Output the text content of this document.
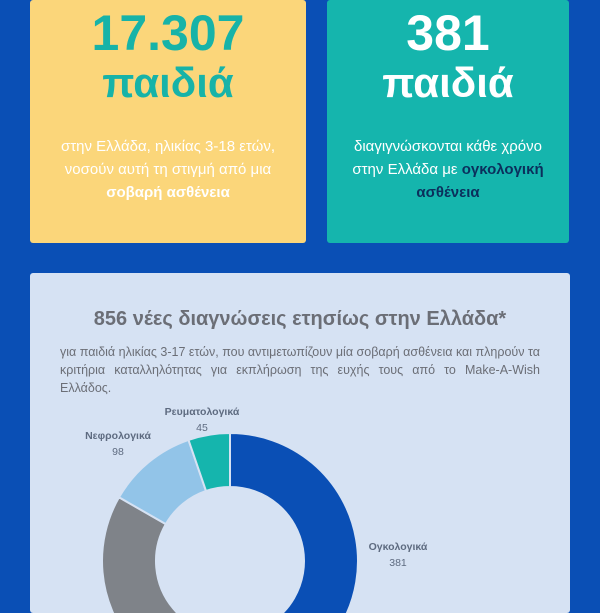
17.307
παιδιά
στην Ελλάδα, ηλικίας 3-18 ετών, νοσούν αυτή τη στιγμή από μια σοβαρή ασθένεια
381
παιδιά
διαγιγνώσκονται κάθε χρόνο στην Ελλάδα με ογκολογική ασθένεια
856 νέες διαγνώσεις ετησίως στην Ελλάδα*
για παιδιά ηλικίας 3-17 ετών, που αντιμετωπίζουν μία σοβαρή ασθένεια και πληρούν τα κριτήρια καταλληλότητας για εκπλήρωση της ευχής τους από το Make-A-Wish Ελλάδος.
Ρευματολογικά
45
Νεφρολογικά
98
Ογκολογικά
381
